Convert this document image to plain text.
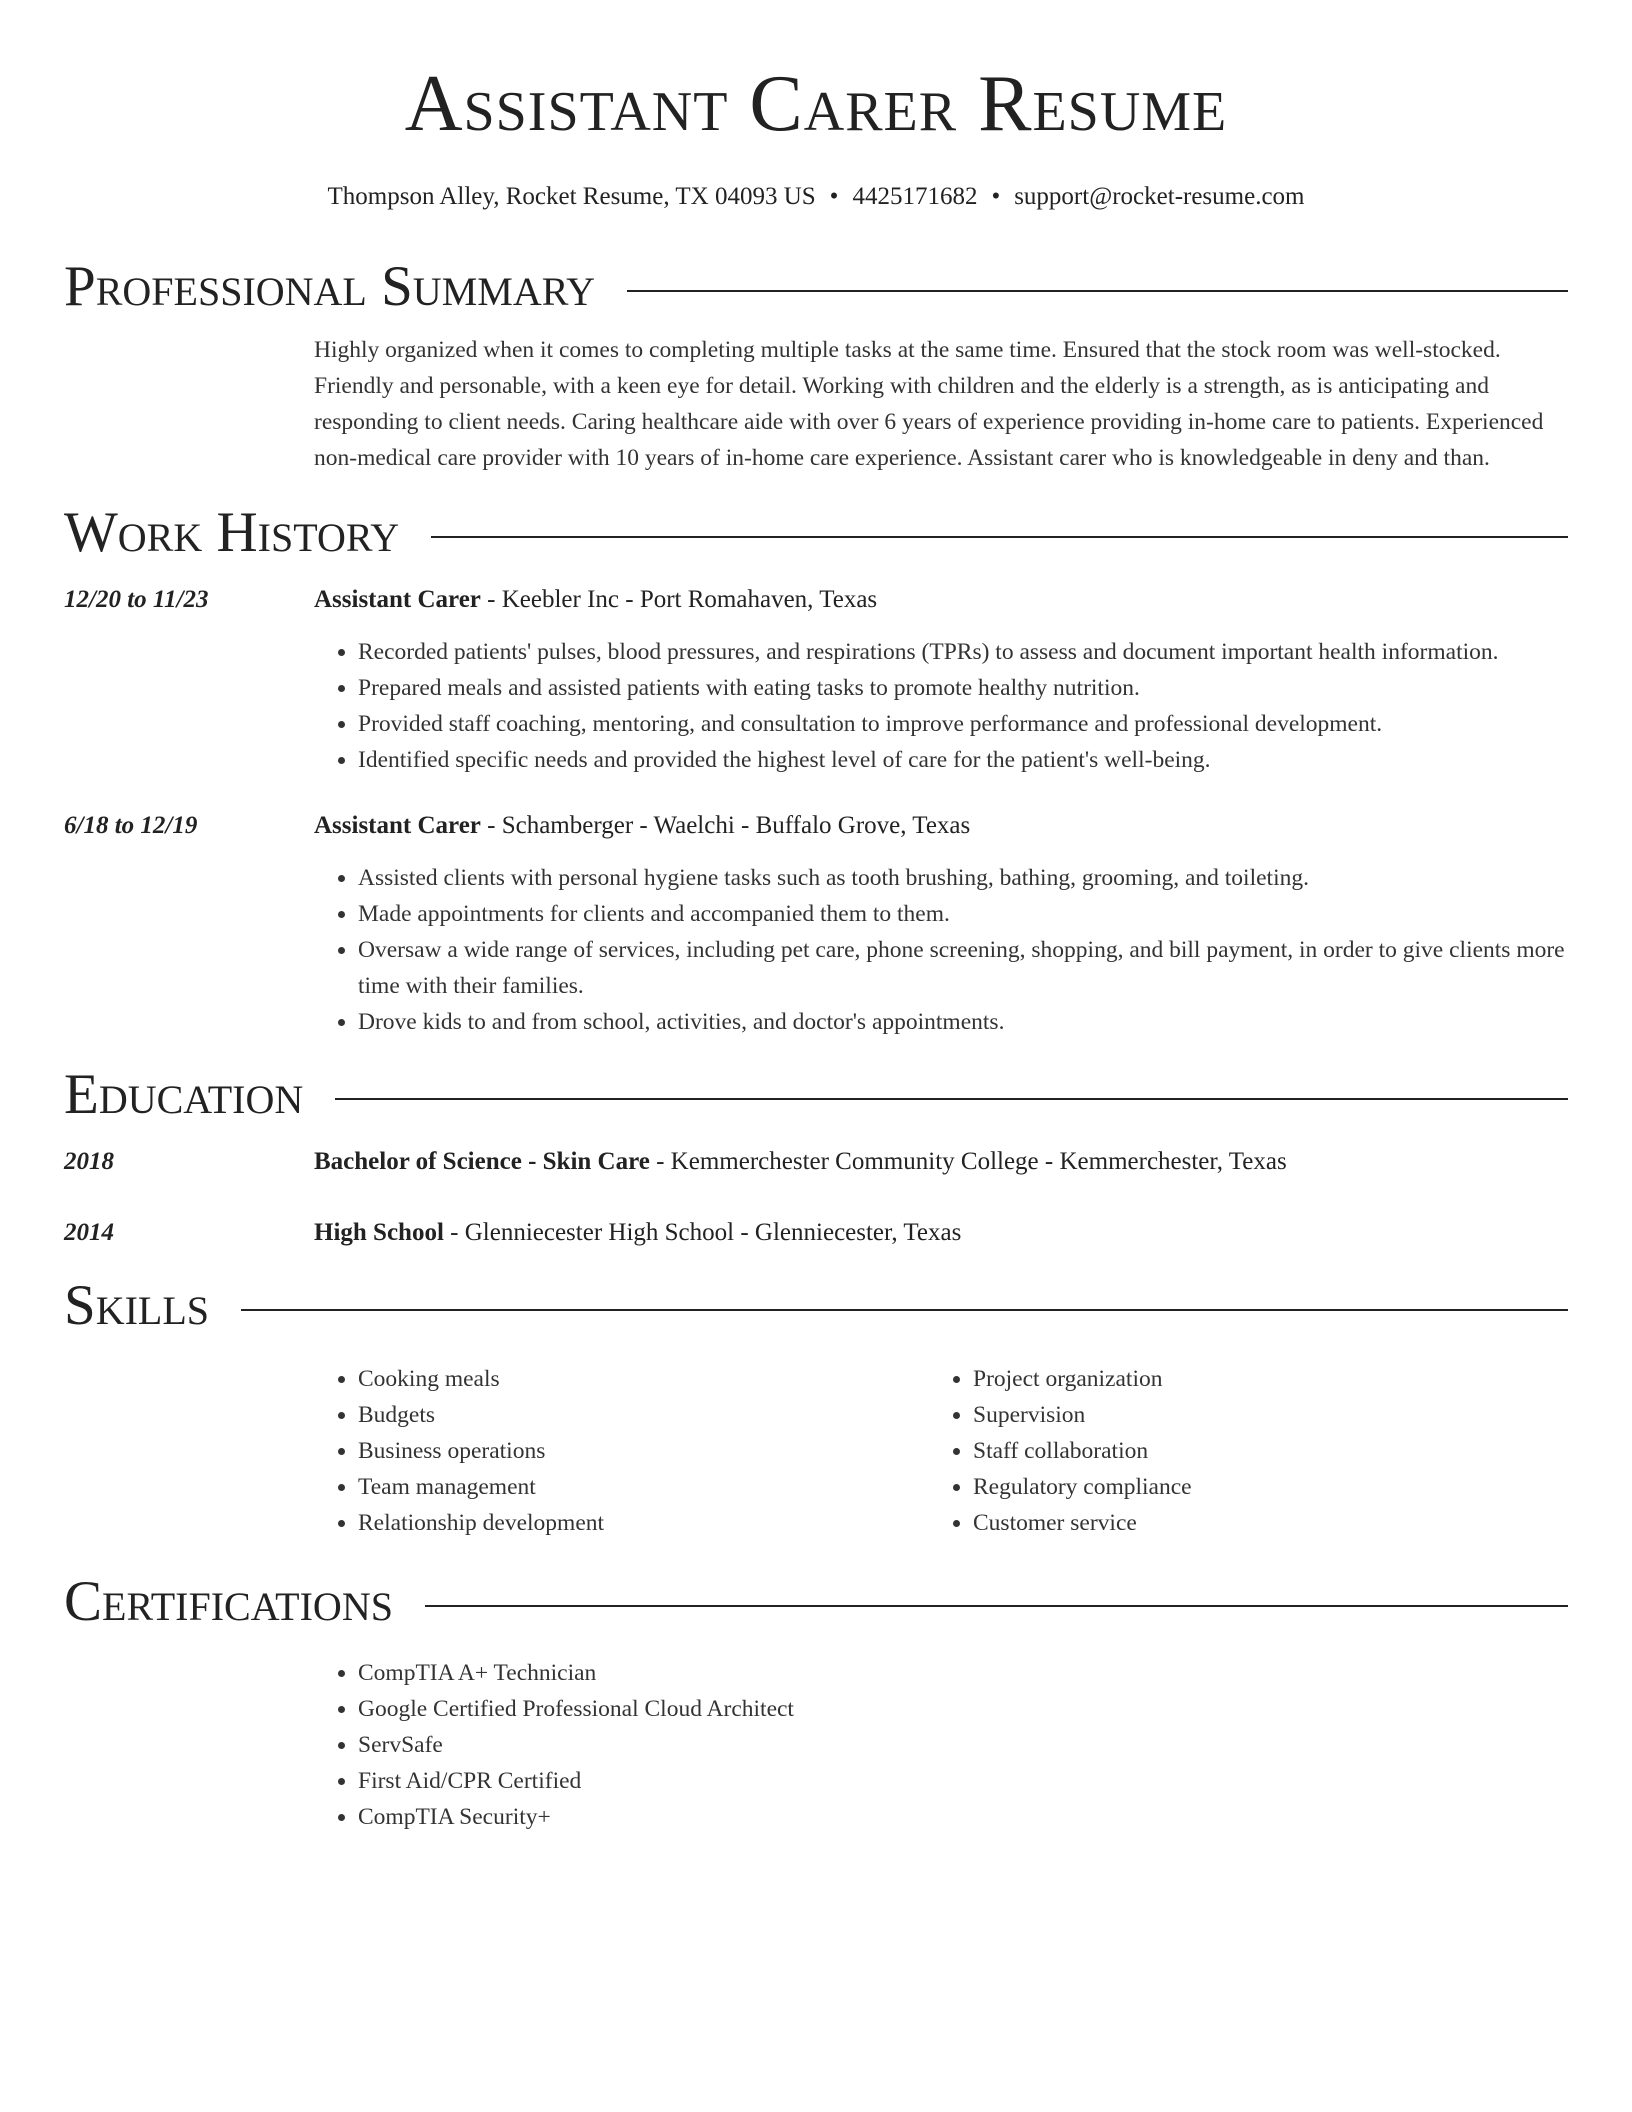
Assistant Carer Resume
Thompson Alley, Rocket Resume, TX 04093 US • 4425171682 • support@rocket-resume.com
Professional Summary
Highly organized when it comes to completing multiple tasks at the same time. Ensured that the stock room was well-stocked. Friendly and personable, with a keen eye for detail. Working with children and the elderly is a strength, as is anticipating and responding to client needs. Caring healthcare aide with over 6 years of experience providing in-home care to patients. Experienced non-medical care provider with 10 years of in-home care experience. Assistant carer who is knowledgeable in deny and than.
Work History
12/20 to 11/23	Assistant Carer - Keebler Inc - Port Romahaven, Texas
• Recorded patients' pulses, blood pressures, and respirations (TPRs) to assess and document important health information.
• Prepared meals and assisted patients with eating tasks to promote healthy nutrition.
• Provided staff coaching, mentoring, and consultation to improve performance and professional development.
• Identified specific needs and provided the highest level of care for the patient's well-being.
6/18 to 12/19	Assistant Carer - Schamberger - Waelchi - Buffalo Grove, Texas
• Assisted clients with personal hygiene tasks such as tooth brushing, bathing, grooming, and toileting.
• Made appointments for clients and accompanied them to them.
• Oversaw a wide range of services, including pet care, phone screening, shopping, and bill payment, in order to give clients more time with their families.
• Drove kids to and from school, activities, and doctor's appointments.
Education
2018	Bachelor of Science - Skin Care - Kemmerchester Community College - Kemmerchester, Texas
2014	High School - Glenniecester High School - Glenniecester, Texas
Skills
• Cooking meals
• Budgets
• Business operations
• Team management
• Relationship development
• Project organization
• Supervision
• Staff collaboration
• Regulatory compliance
• Customer service
Certifications
• CompTIA A+ Technician
• Google Certified Professional Cloud Architect
• ServSafe
• First Aid/CPR Certified
• CompTIA Security+
